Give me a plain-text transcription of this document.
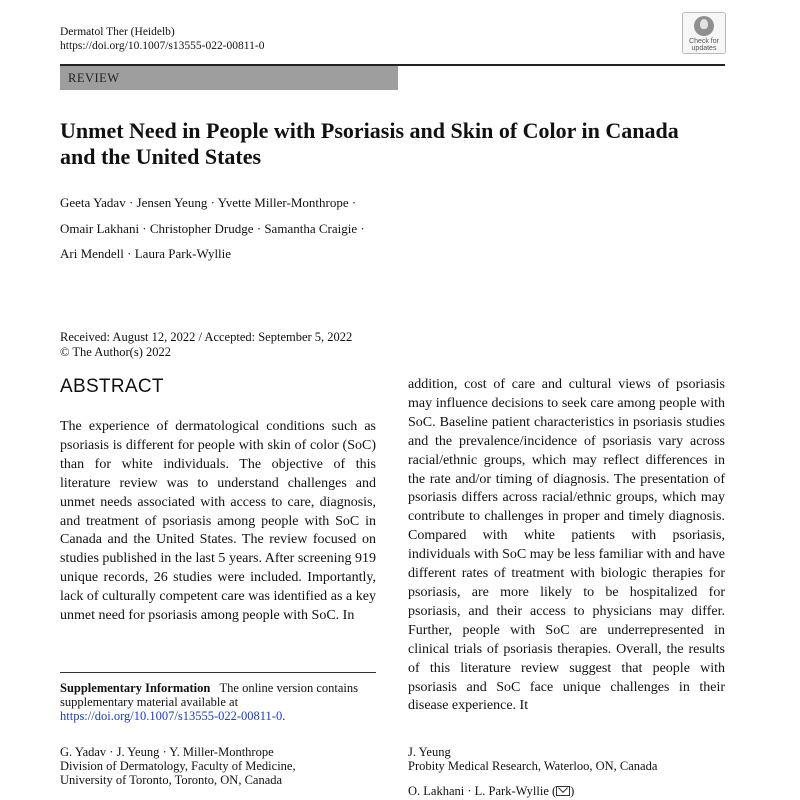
Dermatol Ther (Heidelb)
https://doi.org/10.1007/s13555-022-00811-0	Check for
updates
REVIEW
Unmet Need in People with Psoriasis and Skin of Color in Canada and the United States
Geeta Yadav · Jensen Yeung · Yvette Miller-Monthrope ·
Omair Lakhani · Christopher Drudge · Samantha Craigie ·
Ari Mendell · Laura Park-Wyllie
Received: August 12, 2022 / Accepted: September 5, 2022
© The Author(s) 2022
ABSTRACT
The experience of dermatological conditions such as psoriasis is different for people with skin of color (SoC) than for white individuals. The objective of this literature review was to understand challenges and unmet needs associated with access to care, diagnosis, and treatment of psoriasis among people with SoC in Canada and the United States. The review focused on studies published in the last 5 years. After screening 919 unique records, 26 studies were included. Importantly, lack of culturally competent care was identified as a key unmet need for psoriasis among people with SoC. In
addition, cost of care and cultural views of psoriasis may influence decisions to seek care among people with SoC. Baseline patient characteristics in psoriasis studies and the prevalence/incidence of psoriasis vary across racial/ethnic groups, which may reflect differences in the rate and/or timing of diagnosis. The presentation of psoriasis differs across racial/ethnic groups, which may contribute to challenges in proper and timely diagnosis. Compared with white patients with psoriasis, individuals with SoC may be less familiar with and have different rates of treatment with biologic therapies for psoriasis, are more likely to be hospitalized for psoriasis, and their access to physicians may differ. Further, people with SoC are underrepresented in clinical trials of psoriasis therapies. Overall, the results of this literature review suggest that people with psoriasis and SoC face unique challenges in their disease experience. It
Supplementary Information The online version contains supplementary material available at https://doi.org/10.1007/s13555-022-00811-0.
G. Yadav · J. Yeung · Y. Miller-Monthrope
Division of Dermatology, Faculty of Medicine,
University of Toronto, Toronto, ON, Canada
J. Yeung
Probity Medical Research, Waterloo, ON, Canada
O. Lakhani · L. Park-Wyllie ( )
